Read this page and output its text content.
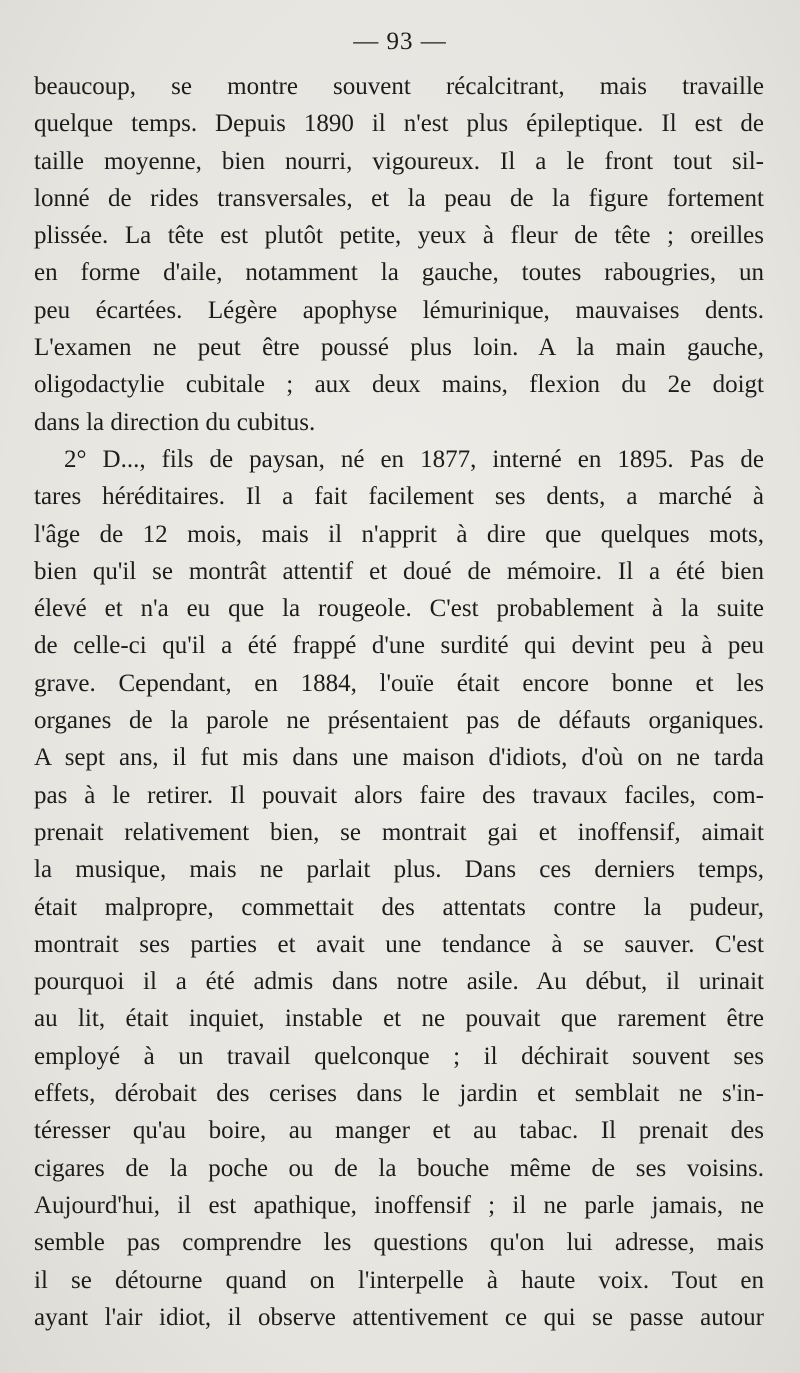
— 93 —
beaucoup, se montre souvent récalcitrant, mais travaille
quelque temps. Depuis 1890 il n'est plus épileptique. Il est de
taille moyenne, bien nourri, vigoureux. Il a le front tout sil-
lonné de rides transversales, et la peau de la figure fortement
plissée. La tête est plutôt petite, yeux à fleur de tête ; oreilles
en forme d'aile, notamment la gauche, toutes rabougries, un
peu écartées. Légère apophyse lémurinique, mauvaises dents.
L'examen ne peut être poussé plus loin. A la main gauche,
oligodactylie cubitale ; aux deux mains, flexion du 2e doigt
dans la direction du cubitus.
2° D..., fils de paysan, né en 1877, interné en 1895. Pas de
tares héréditaires. Il a fait facilement ses dents, a marché à
l'âge de 12 mois, mais il n'apprit à dire que quelques mots,
bien qu'il se montrât attentif et doué de mémoire. Il a été bien
élevé et n'a eu que la rougeole. C'est probablement à la suite
de celle-ci qu'il a été frappé d'une surdité qui devint peu à peu
grave. Cependant, en 1884, l'ouïe était encore bonne et les
organes de la parole ne présentaient pas de défauts organiques.
A sept ans, il fut mis dans une maison d'idiots, d'où on ne tarda
pas à le retirer. Il pouvait alors faire des travaux faciles, com-
prenait relativement bien, se montrait gai et inoffensif, aimait
la musique, mais ne parlait plus. Dans ces derniers temps,
était malpropre, commettait des attentats contre la pudeur,
montrait ses parties et avait une tendance à se sauver. C'est
pourquoi il a été admis dans notre asile. Au début, il urinait
au lit, était inquiet, instable et ne pouvait que rarement être
employé à un travail quelconque ; il déchirait souvent ses
effets, dérobait des cerises dans le jardin et semblait ne s'in-
téresser qu'au boire, au manger et au tabac. Il prenait des
cigares de la poche ou de la bouche même de ses voisins.
Aujourd'hui, il est apathique, inoffensif ; il ne parle jamais, ne
semble pas comprendre les questions qu'on lui adresse, mais
il se détourne quand on l'interpelle à haute voix. Tout en
ayant l'air idiot, il observe attentivement ce qui se passe autour
